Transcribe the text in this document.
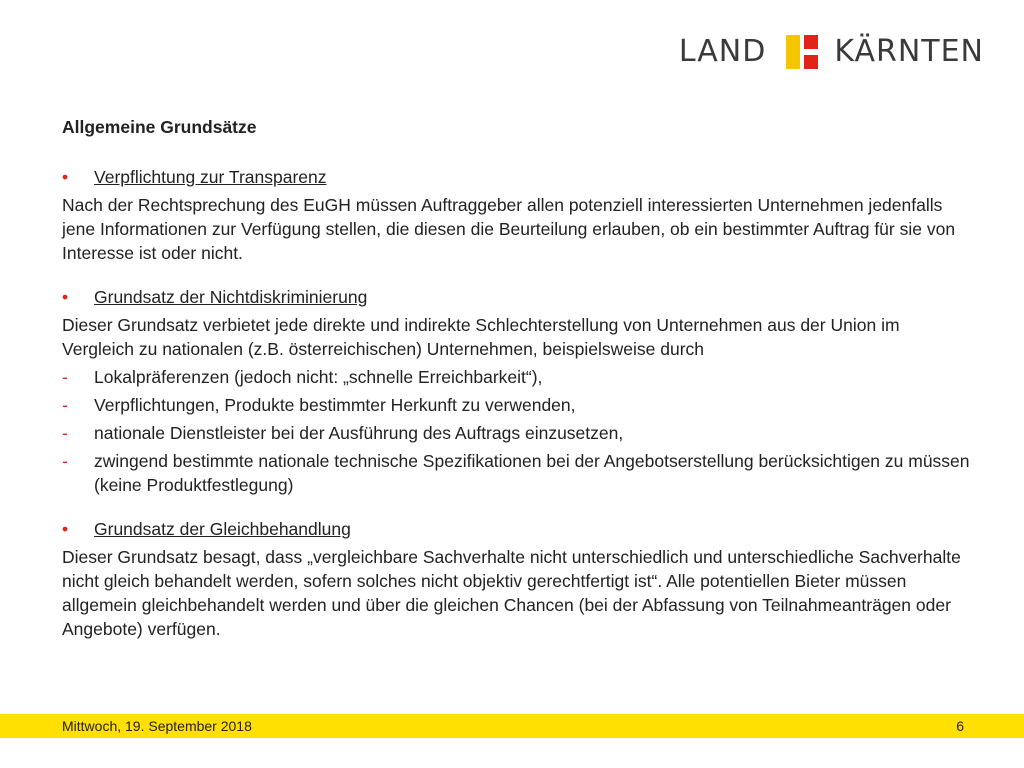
LAND KÄRNTEN
Allgemeine Grundsätze
•	Verpflichtung zur Transparenz

Nach der Rechtsprechung des EuGH müssen Auftraggeber allen potenziell interessierten Unternehmen jedenfalls jene Informationen zur Verfügung stellen, die diesen die Beurteilung erlauben, ob ein bestimmter Auftrag für sie von Interesse ist oder nicht.

•	Grundsatz der Nichtdiskriminierung

Dieser Grundsatz verbietet jede direkte und indirekte Schlechterstellung von Unternehmen aus der Union im Vergleich zu nationalen (z.B. österreichischen) Unternehmen, beispielsweise durch

-	Lokalpräferenzen (jedoch nicht: „schnelle Erreichbarkeit“),
-	Verpflichtungen, Produkte bestimmter Herkunft zu verwenden,
-	nationale Dienstleister bei der Ausführung des Auftrags einzusetzen,
-	zwingend bestimmte nationale technische Spezifikationen bei der Angebotserstellung berücksichtigen zu müssen (keine Produktfestlegung)
•	Grundsatz der Gleichbehandlung

Dieser Grundsatz besagt, dass „vergleichbare Sachverhalte nicht unterschiedlich und unterschiedliche Sachverhalte nicht gleich behandelt werden, sofern solches nicht objektiv gerechtfertigt ist“. Alle potentiellen Bieter müssen allgemein gleichbehandelt werden und über die gleichen Chancen (bei der Abfassung von Teilnahmeanträgen oder Angebote) verfügen.

Mittwoch, 19. September 2018	6
